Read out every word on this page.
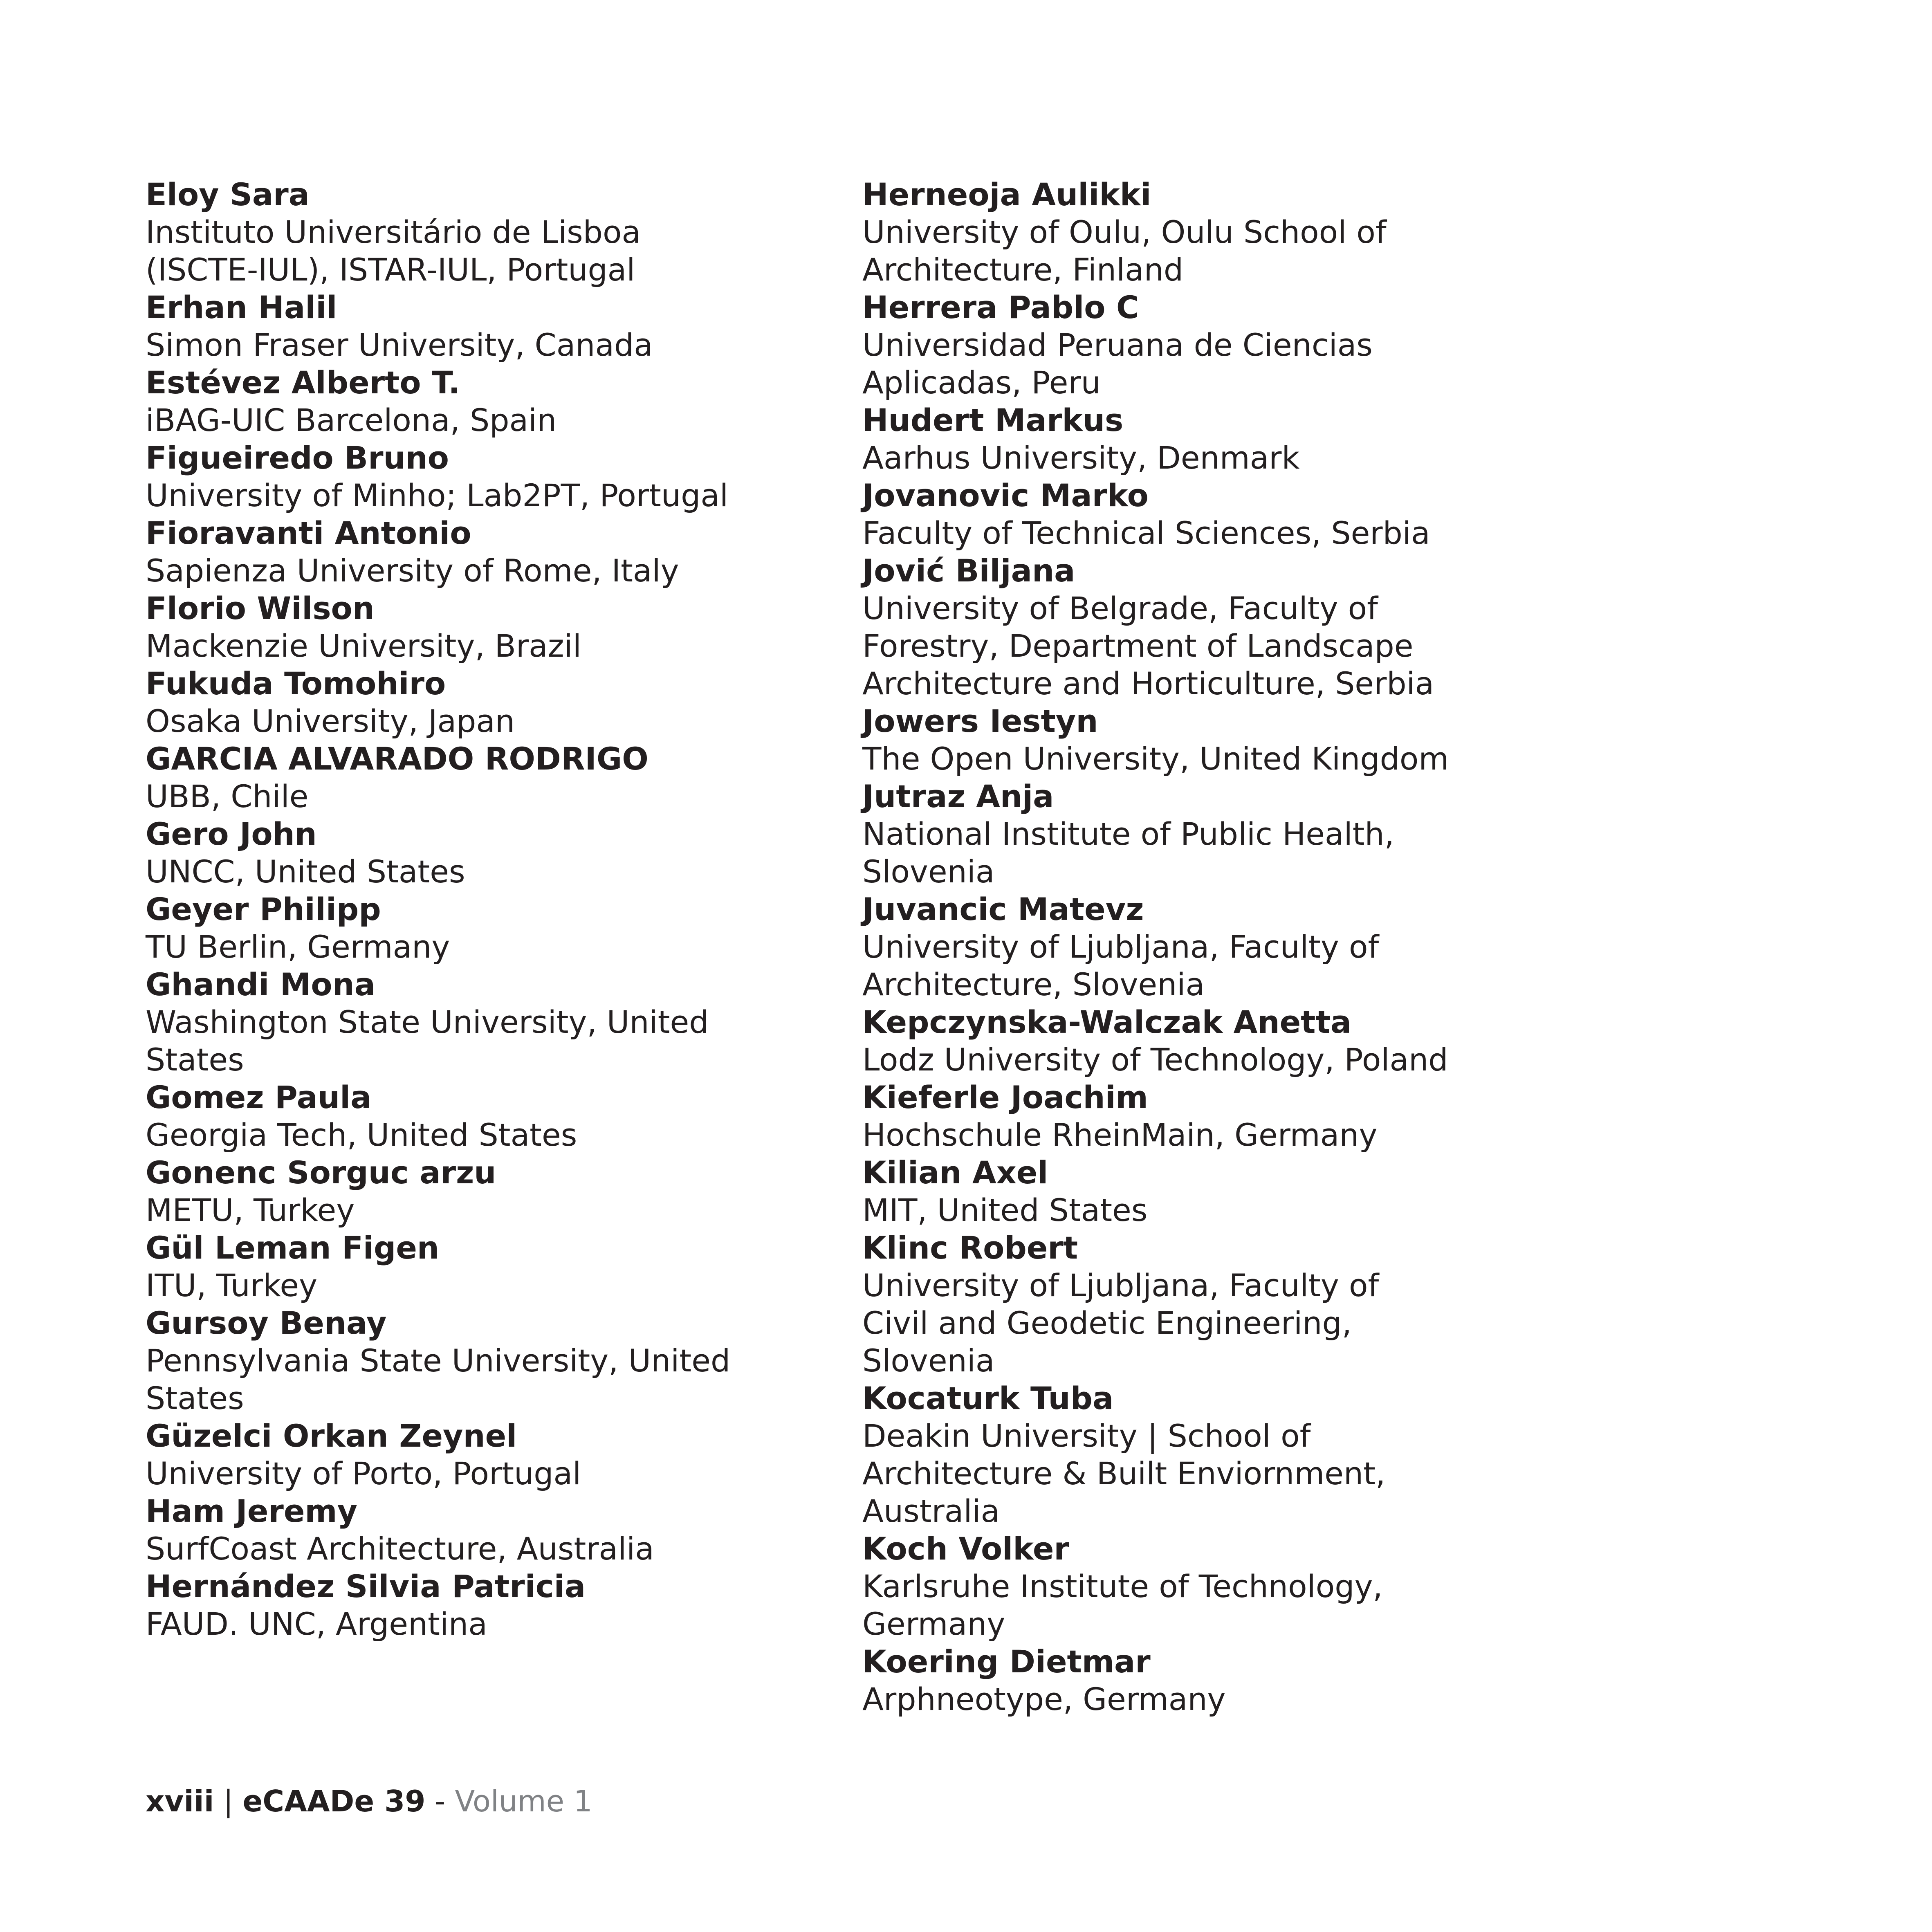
Eloy Sara
Instituto Universitário de Lisboa
(ISCTE-IUL), ISTAR-IUL, Portugal
Erhan Halil
Simon Fraser University, Canada
Estévez Alberto T.
iBAG-UIC Barcelona, Spain
Figueiredo Bruno
University of Minho; Lab2PT, Portugal
Fioravanti Antonio
Sapienza University of Rome, Italy
Florio Wilson
Mackenzie University, Brazil
Fukuda Tomohiro
Osaka University, Japan
GARCIA ALVARADO RODRIGO
UBB, Chile
Gero John
UNCC, United States
Geyer Philipp
TU Berlin, Germany
Ghandi Mona
Washington State University, United
States
Gomez Paula
Georgia Tech, United States
Gonenc Sorguc arzu
METU, Turkey
Gül Leman Figen
ITU, Turkey
Gursoy Benay
Pennsylvania State University, United
States
Güzelci Orkan Zeynel
University of Porto, Portugal
Ham Jeremy
SurfCoast Architecture, Australia
Hernández Silvia Patricia
FAUD. UNC, Argentina
Herneoja Aulikki
University of Oulu, Oulu School of
Architecture, Finland
Herrera Pablo C
Universidad Peruana de Ciencias
Aplicadas, Peru
Hudert Markus
Aarhus University, Denmark
Jovanovic Marko
Faculty of Technical Sciences, Serbia
Jović Biljana
University of Belgrade, Faculty of
Forestry, Department of Landscape
Architecture and Horticulture, Serbia
Jowers Iestyn
The Open University, United Kingdom
Jutraz Anja
National Institute of Public Health,
Slovenia
Juvancic Matevz
University of Ljubljana, Faculty of
Architecture, Slovenia
Kepczynska-Walczak Anetta
Lodz University of Technology, Poland
Kieferle Joachim
Hochschule RheinMain, Germany
Kilian Axel
MIT, United States
Klinc Robert
University of Ljubljana, Faculty of
Civil and Geodetic Engineering,
Slovenia
Kocaturk Tuba
Deakin University | School of
Architecture & Built Enviornment,
Australia
Koch Volker
Karlsruhe Institute of Technology,
Germany
Koering Dietmar
Arphneotype, Germany
xviii | eCAADe 39 - Volume 1
